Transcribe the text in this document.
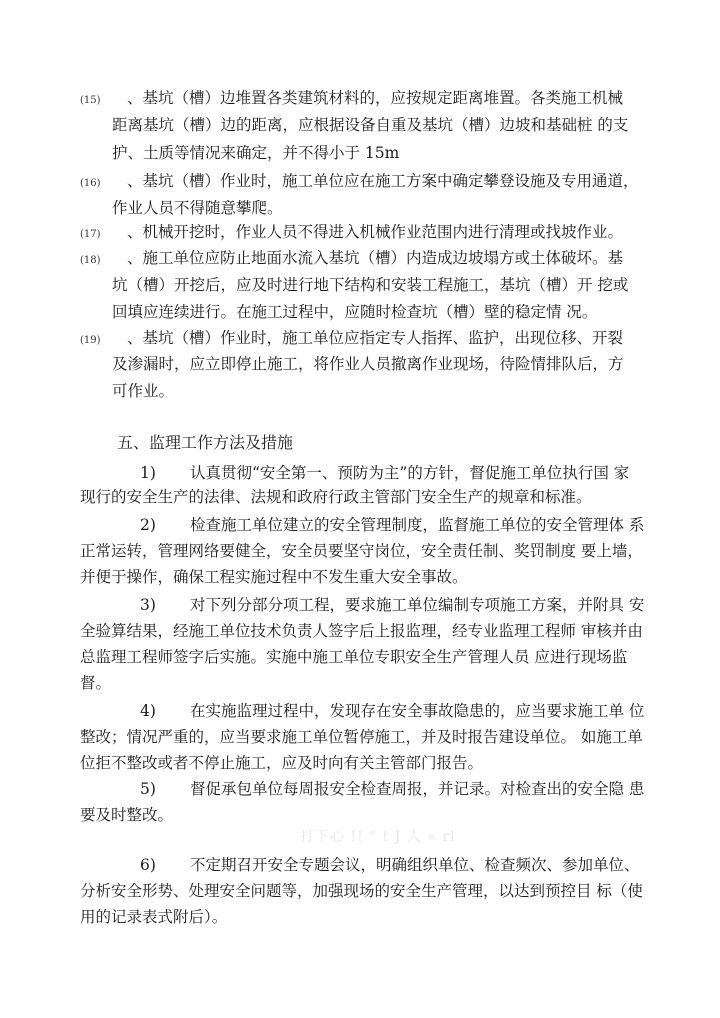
(15) 、基坑（槽）边堆置各类建筑材料的，应按规定距离堆置。各类施工机械
距离基坑（槽）边的距离，应根据设备自重及基坑（槽）边坡和基础桩 的支
护、土质等情况来确定，并不得小于 15m
(16) 、基坑（槽）作业时，施工单位应在施工方案中确定攀登设施及专用通道，
作业人员不得随意攀爬。
(17) 、机械开挖时，作业人员不得进入机械作业范围内进行清理或找坡作业。
(18) 、施工单位应防止地面水流入基坑（槽）内造成边坡塌方或土体破坏。基
坑（槽）开挖后，应及时进行地下结构和安装工程施工，基坑（槽）开 挖或
回填应连续进行。在施工过程中，应随时检查坑（槽）壁的稳定情 况。
(19) 、基坑（槽）作业时，施工单位应指定专人指挥、监护，出现位移、开裂
及渗漏时，应立即停止施工，将作业人员撤离作业现场，待险情排队后，方
可作业。
五、监理工作方法及措施
1) 认真贯彻“安全第一、预防为主”的方针，督促施工单位执行国 家
现行的安全生产的法律、法规和政府行政主管部门安全生产的规章和标准。
2) 检查施工单位建立的安全管理制度，监督施工单位的安全管理体 系
正常运转，管理网络要健全，安全员要坚守岗位，安全责任制、奖罚制度 要上墙，
并便于操作，确保工程实施过程中不发生重大安全事故。
3) 对下列分部分项工程，要求施工单位编制专项施工方案，并附具 安
全验算结果，经施工单位技术负责人签字后上报监理，经专业监理工程师 审核并由
总监理工程师签字后实施。实施中施工单位专职安全生产管理人员 应进行现场监
督。
4) 在实施监理过程中，发现存在安全事故隐患的，应当要求施工单 位
整改；情况严重的，应当要求施工单位暂停施工，并及时报告建设单位。 如施工单
位拒不整改或者不停止施工，应及时向有关主管部门报告。
5) 督促承包单位每周报安全检查周报，并记录。对检查出的安全隐 患
要及时整改。
打下心 !! “ t J 人 « rl
6) 不定期召开安全专题会议，明确组织单位、检查频次、参加单位、
分析安全形势、处理安全问题等，加强现场的安全生产管理，以达到预控目 标（使
用的记录表式附后）。
